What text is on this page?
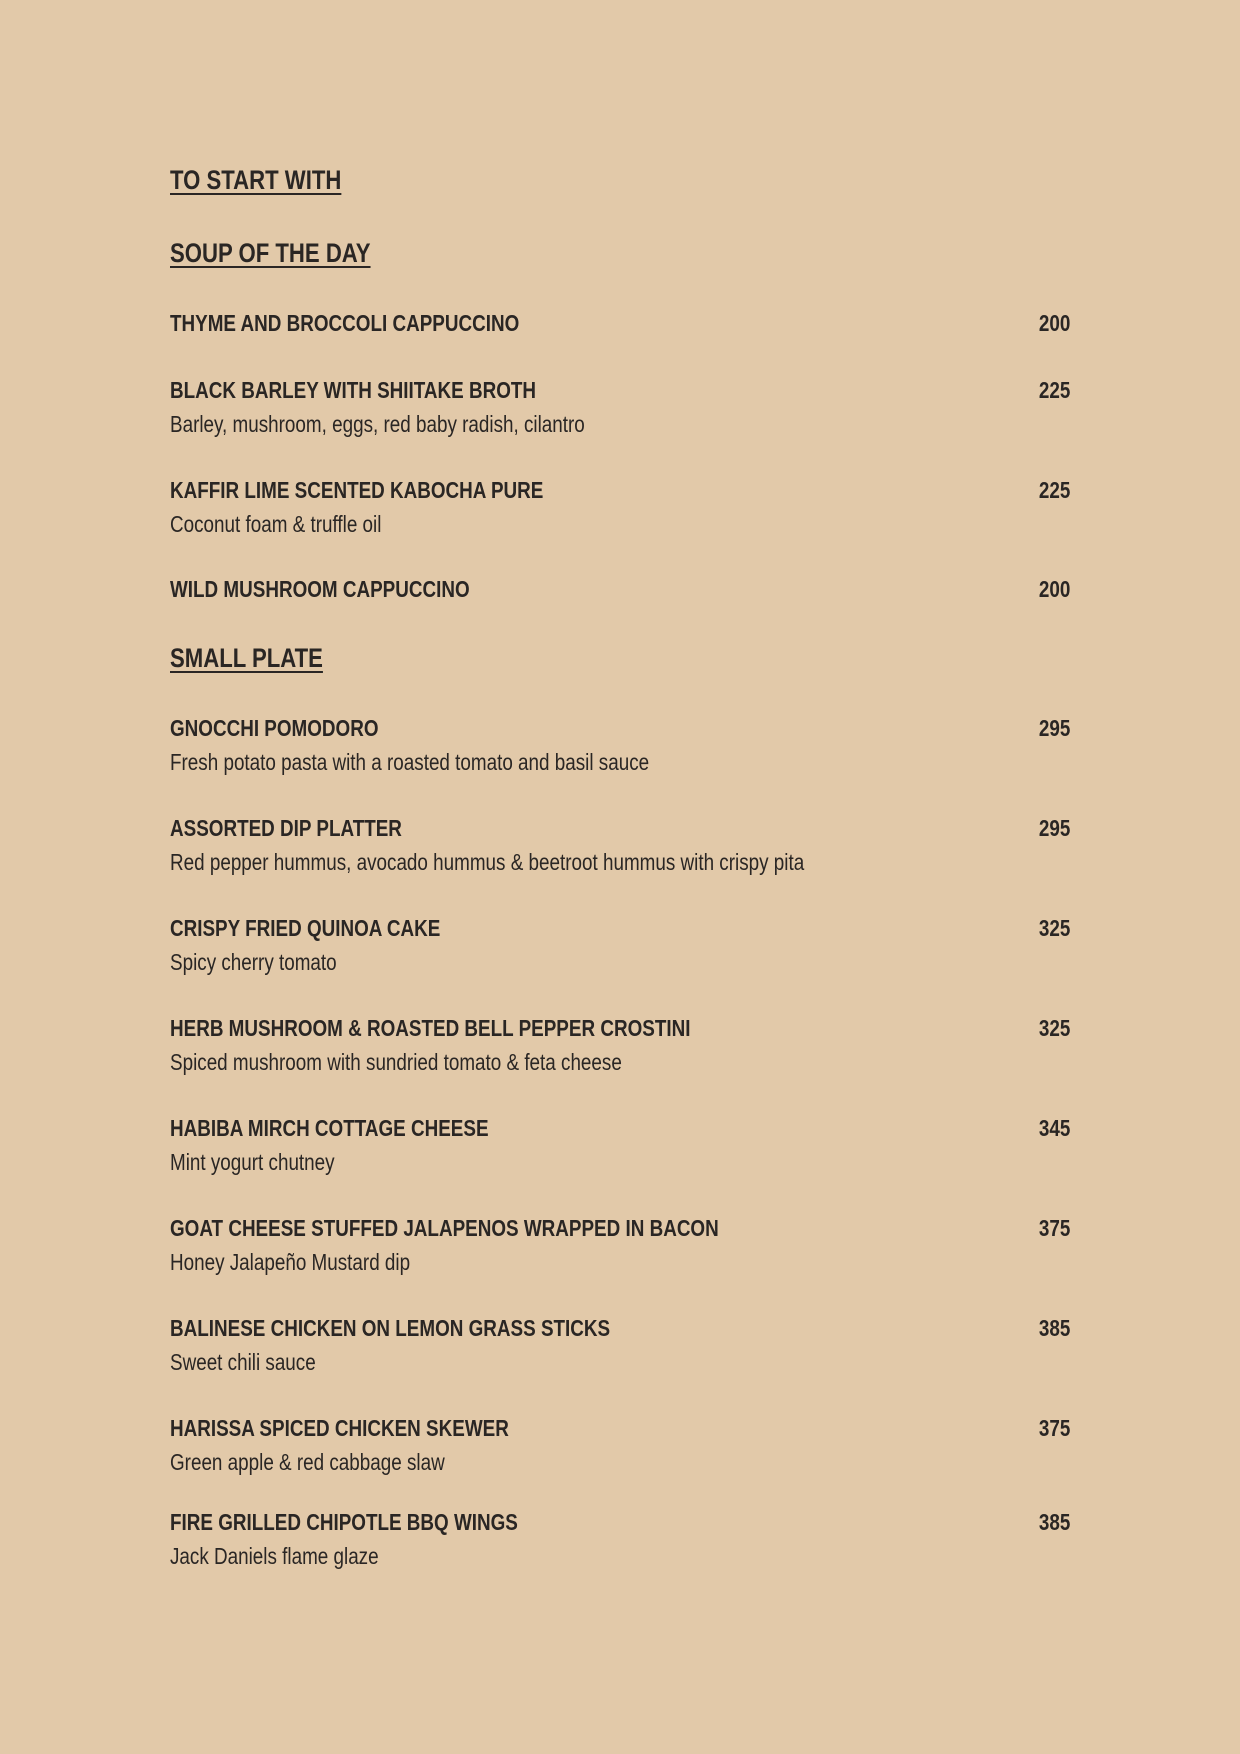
TO START WITH
SOUP OF THE DAY
THYME AND BROCCOLI CAPPUCCINO	200
BLACK BARLEY WITH SHIITAKE BROTH	225
Barley, mushroom, eggs, red baby radish, cilantro
KAFFIR LIME SCENTED KABOCHA PURE	225
Coconut foam & truffle oil
WILD MUSHROOM CAPPUCCINO	200
SMALL PLATE
GNOCCHI POMODORO	295
Fresh potato pasta with a roasted tomato and basil sauce
ASSORTED DIP PLATTER	295
Red pepper hummus, avocado hummus & beetroot hummus with crispy pita
CRISPY FRIED QUINOA CAKE	325
Spicy cherry tomato
HERB MUSHROOM & ROASTED BELL PEPPER CROSTINI	325
Spiced mushroom with sundried tomato & feta cheese
HABIBA MIRCH COTTAGE CHEESE	345
Mint yogurt chutney
GOAT CHEESE STUFFED JALAPENOS WRAPPED IN BACON	375
Honey Jalapeño Mustard dip
BALINESE CHICKEN ON LEMON GRASS STICKS	385
Sweet chili sauce
HARISSA SPICED CHICKEN SKEWER	375
Green apple & red cabbage slaw
FIRE GRILLED CHIPOTLE BBQ WINGS	385
Jack Daniels flame glaze
